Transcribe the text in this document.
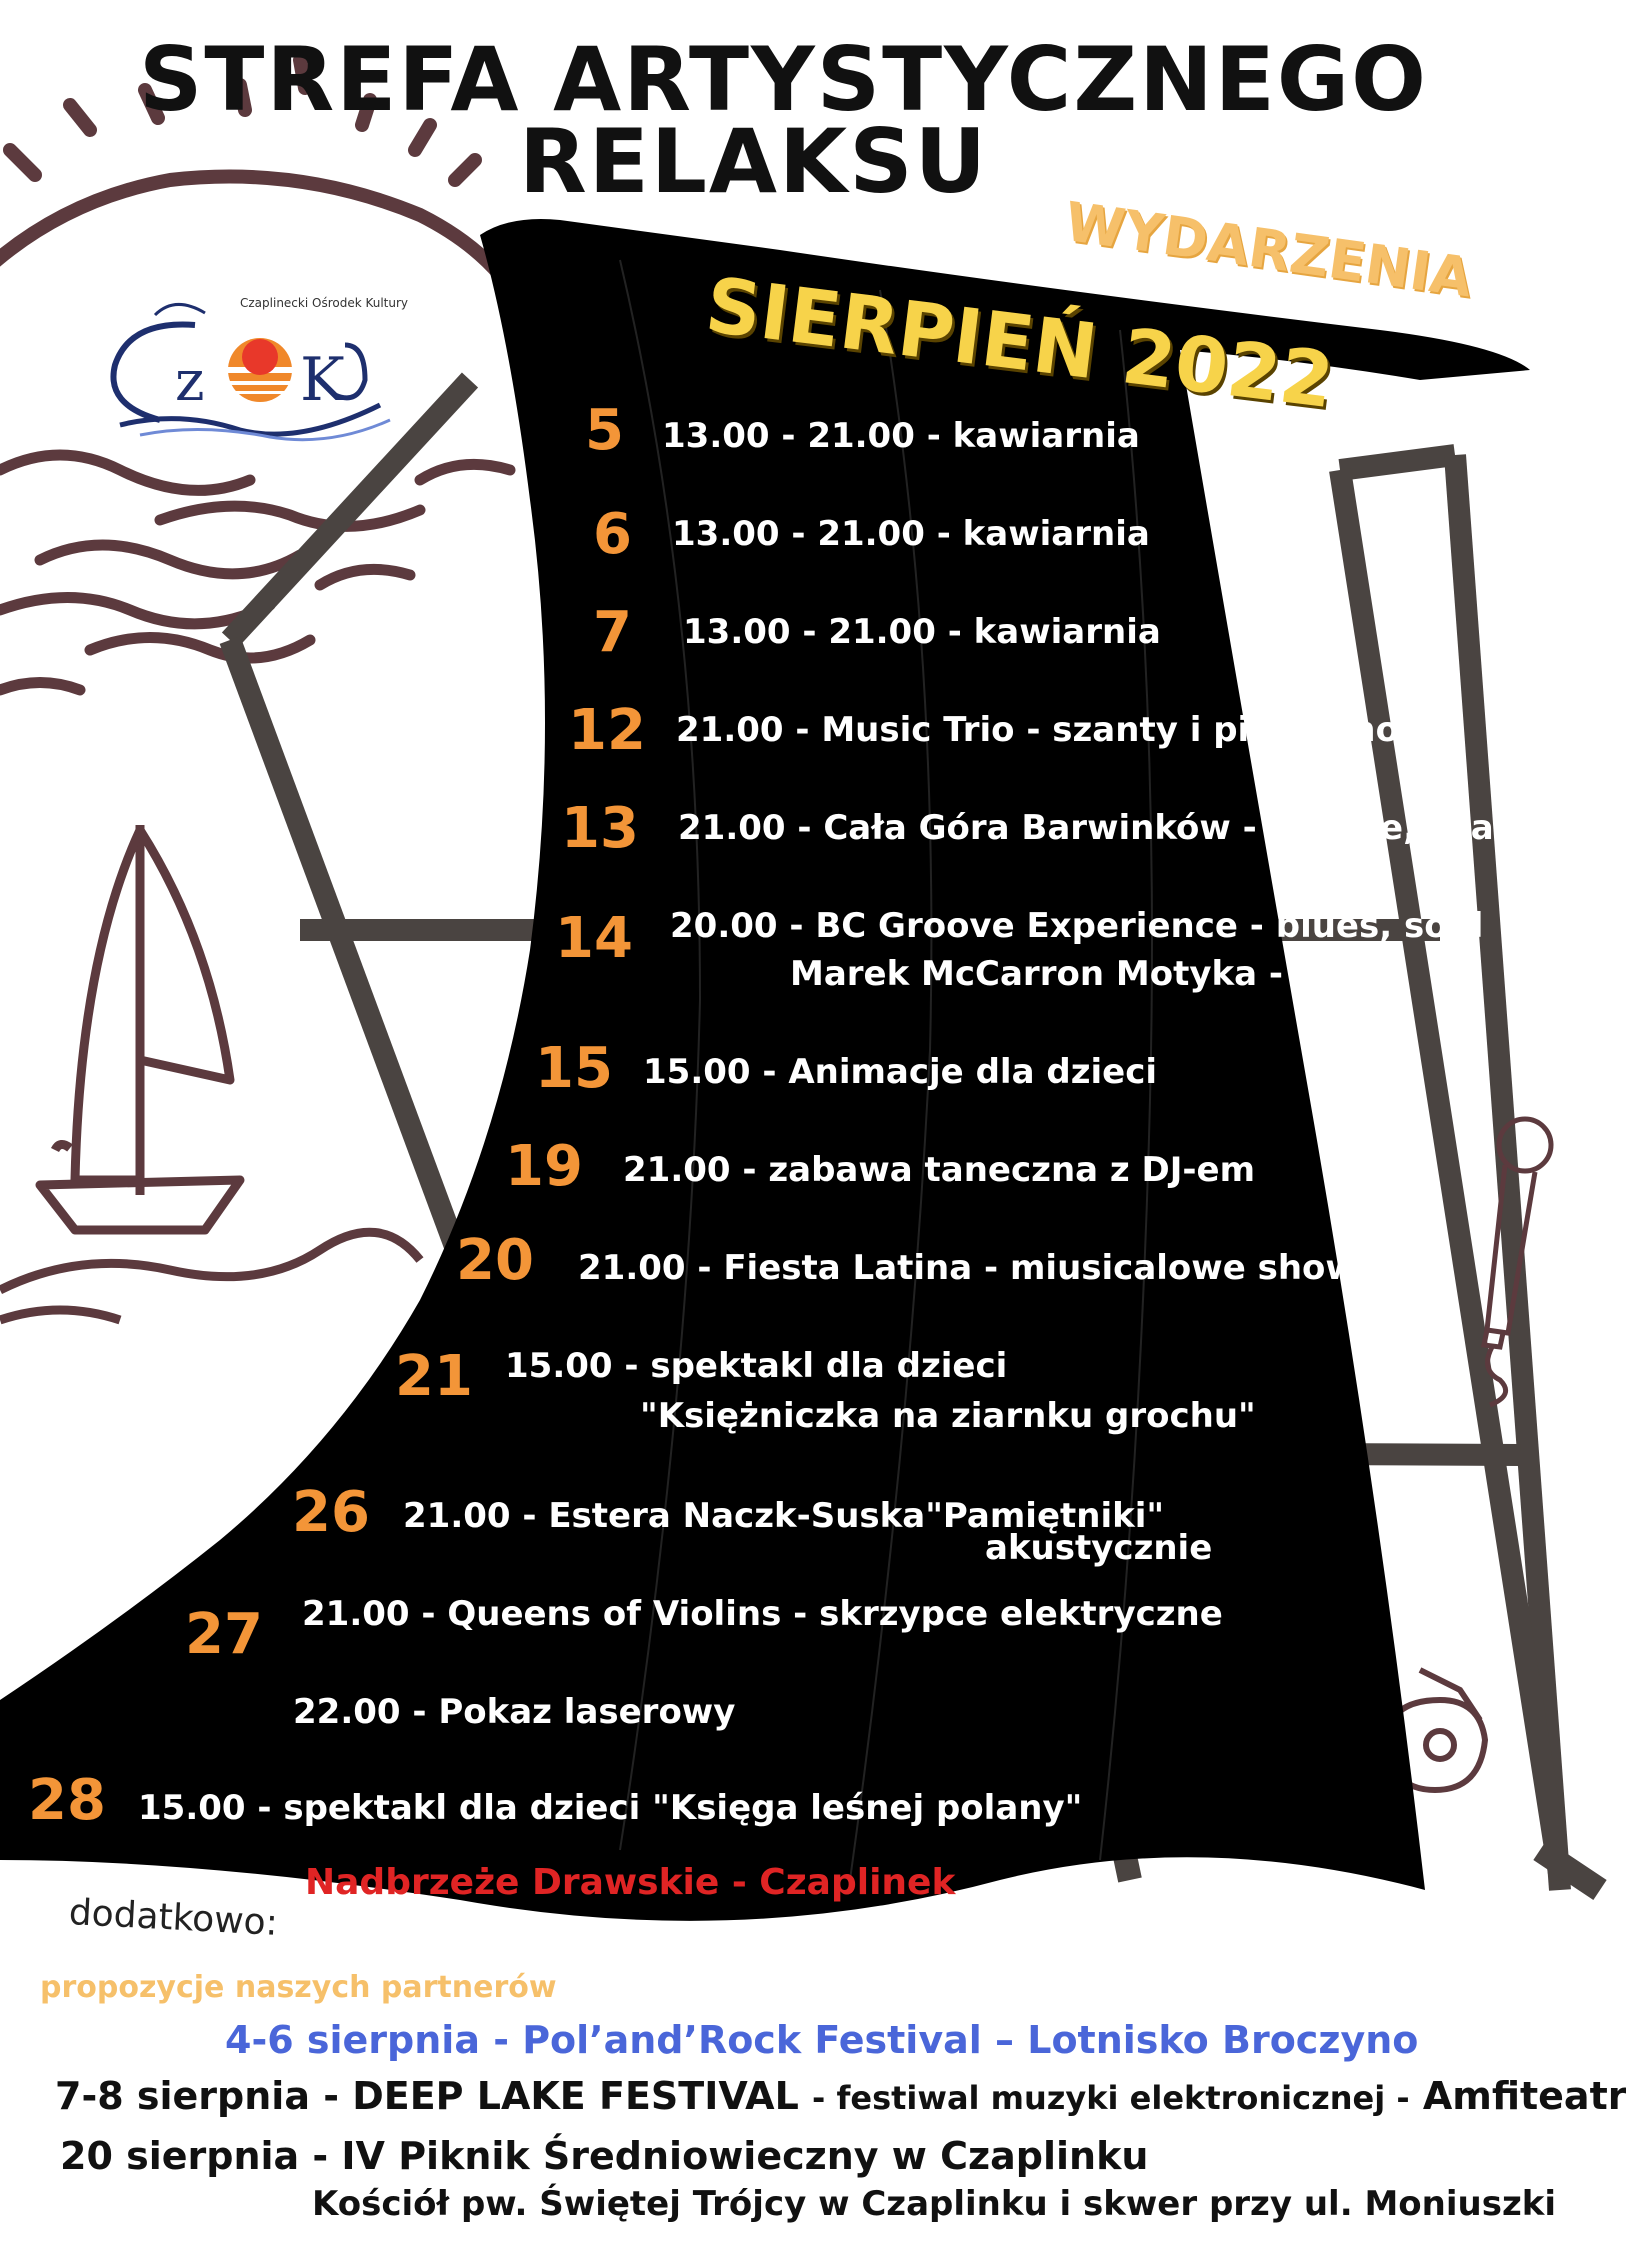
z K
Czaplinecki Ośrodek Kultury
STREFA ARTYSTYCZNEGO
RELAKSU
WYDARZENIA
SIERPIEŃ 2022
5 13.00 - 21.00 - kawiarnia
6 13.00 - 21.00 - kawiarnia
7 13.00 - 21.00 - kawiarnia
12 21.00 - Music Trio - szanty i pieśni morza
13 21.00 - Cała Góra Barwinków - reggae, ska
14 20.00 - BC Groove Experience - blues, soul
Marek McCarron Motyka - blues
15 15.00 - Animacje dla dzieci
19 21.00 - zabawa taneczna z DJ-em
20 21.00 - Fiesta Latina - miusicalowe show
21 15.00 - spektakl dla dzieci
"Księżniczka na ziarnku grochu"
26 21.00 - Estera Naczk-Suska"Pamiętniki"
akustycznie
27 21.00 - Queens of Violins - skrzypce elektryczne
22.00 - Pokaz laserowy
28 15.00 - spektakl dla dzieci "Księga leśnej polany"
Nadbrzeże Drawskie - Czaplinek
dodatkowo:
propozycje naszych partnerów
4-6 sierpnia - Pol’and’Rock Festival – Lotnisko Broczyno
7-8 sierpnia - DEEP LAKE FESTIVAL - festiwal muzyki elektronicznej - Amfiteatr
20 sierpnia - IV Piknik Średniowieczny w Czaplinku
Kościół pw. Świętej Trójcy w Czaplinku i skwer przy ul. Moniuszki
